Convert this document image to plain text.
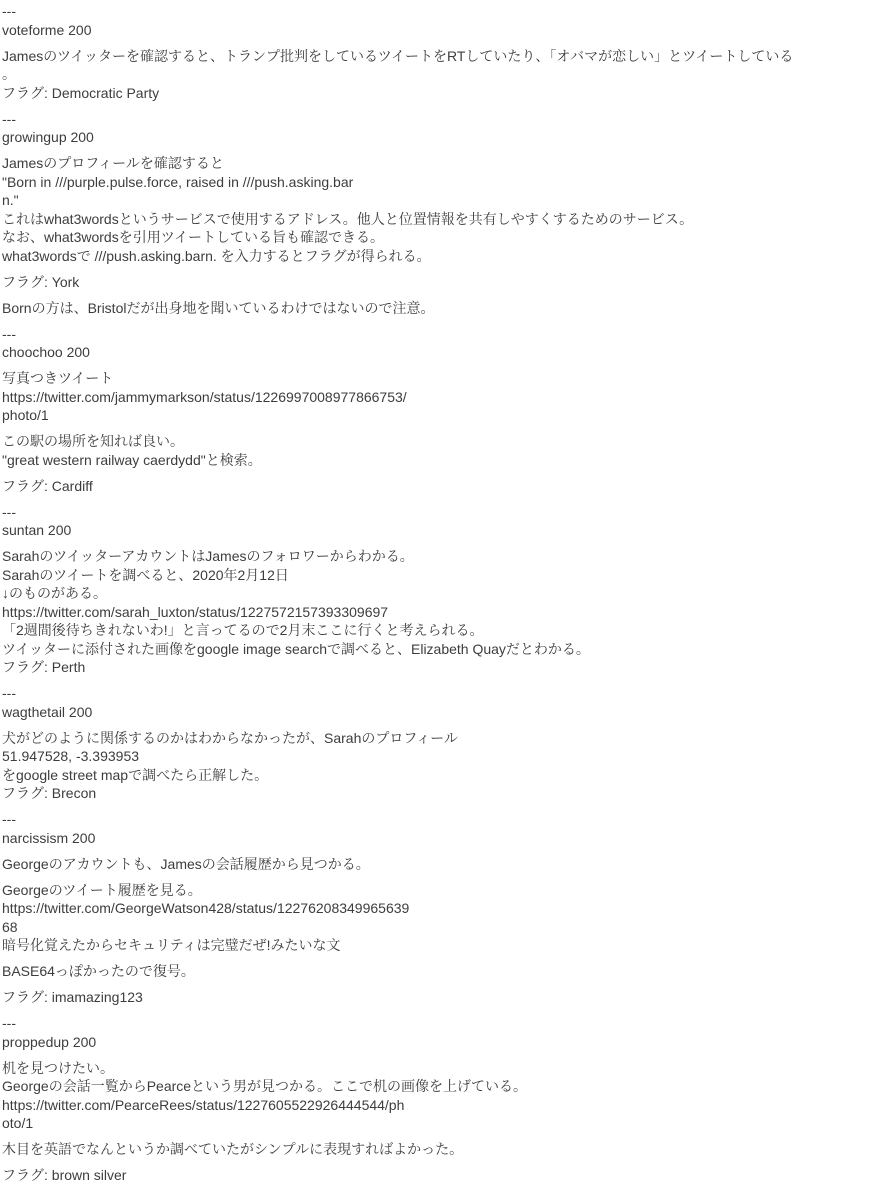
---
voteforme 200

Jamesのツイッターを確認すると、トランプ批判をしているツイートをRTしていたり、「オバマが恋しい」とツイートしている
。
フラグ: Democratic Party

---
growingup 200

Jamesのプロフィールを確認すると
"Born in ///purple.pulse.force, raised in ///push.asking.bar
n."
これはwhat3wordsというサービスで使用するアドレス。他人と位置情報を共有しやすくするためのサービス。
なお、what3wordsを引用ツイートしている旨も確認できる。
what3wordsで ///push.asking.barn. を入力するとフラグが得られる。

フラグ: York

Bornの方は、Bristolだが出身地を聞いているわけではないので注意。

---
choochoo 200

写真つきツイート
https://twitter.com/jammymarkson/status/1226997008977866753/
photo/1

この駅の場所を知れば良い。
"great western railway caerdydd"と検索。

フラグ: Cardiff

---
suntan 200

SarahのツイッターアカウントはJamesのフォロワーからわかる。
Sarahのツイートを調べると、2020年2月12日
↓のものがある。
https://twitter.com/sarah_luxton/status/1227572157393309697
「2週間後待ちきれないわ!」と言ってるので2月末ここに行くと考えられる。
ツイッターに添付された画像をgoogle image searchで調べると、Elizabeth Quayだとわかる。
フラグ: Perth

---
wagthetail 200

犬がどのように関係するのかはわからなかったが、Sarahのプロフィール
51.947528, -3.393953
をgoogle street mapで調べたら正解した。
フラグ: Brecon

---
narcissism 200

Georgeのアカウントも、Jamesの会話履歴から見つかる。

Georgeのツイート履歴を見る。
https://twitter.com/GeorgeWatson428/status/12276208349965639
68
暗号化覚えたからセキュリティは完璧だぜ!みたいな文

BASE64っぽかったので復号。

フラグ: imamazing123

---
proppedup 200

机を見つけたい。
Georgeの会話一覧からPearceという男が見つかる。ここで机の画像を上げている。
https://twitter.com/PearceRees/status/1227605522926444544/ph
oto/1

木目を英語でなんというか調べていたがシンプルに表現すればよかった。

フラグ: brown silver
